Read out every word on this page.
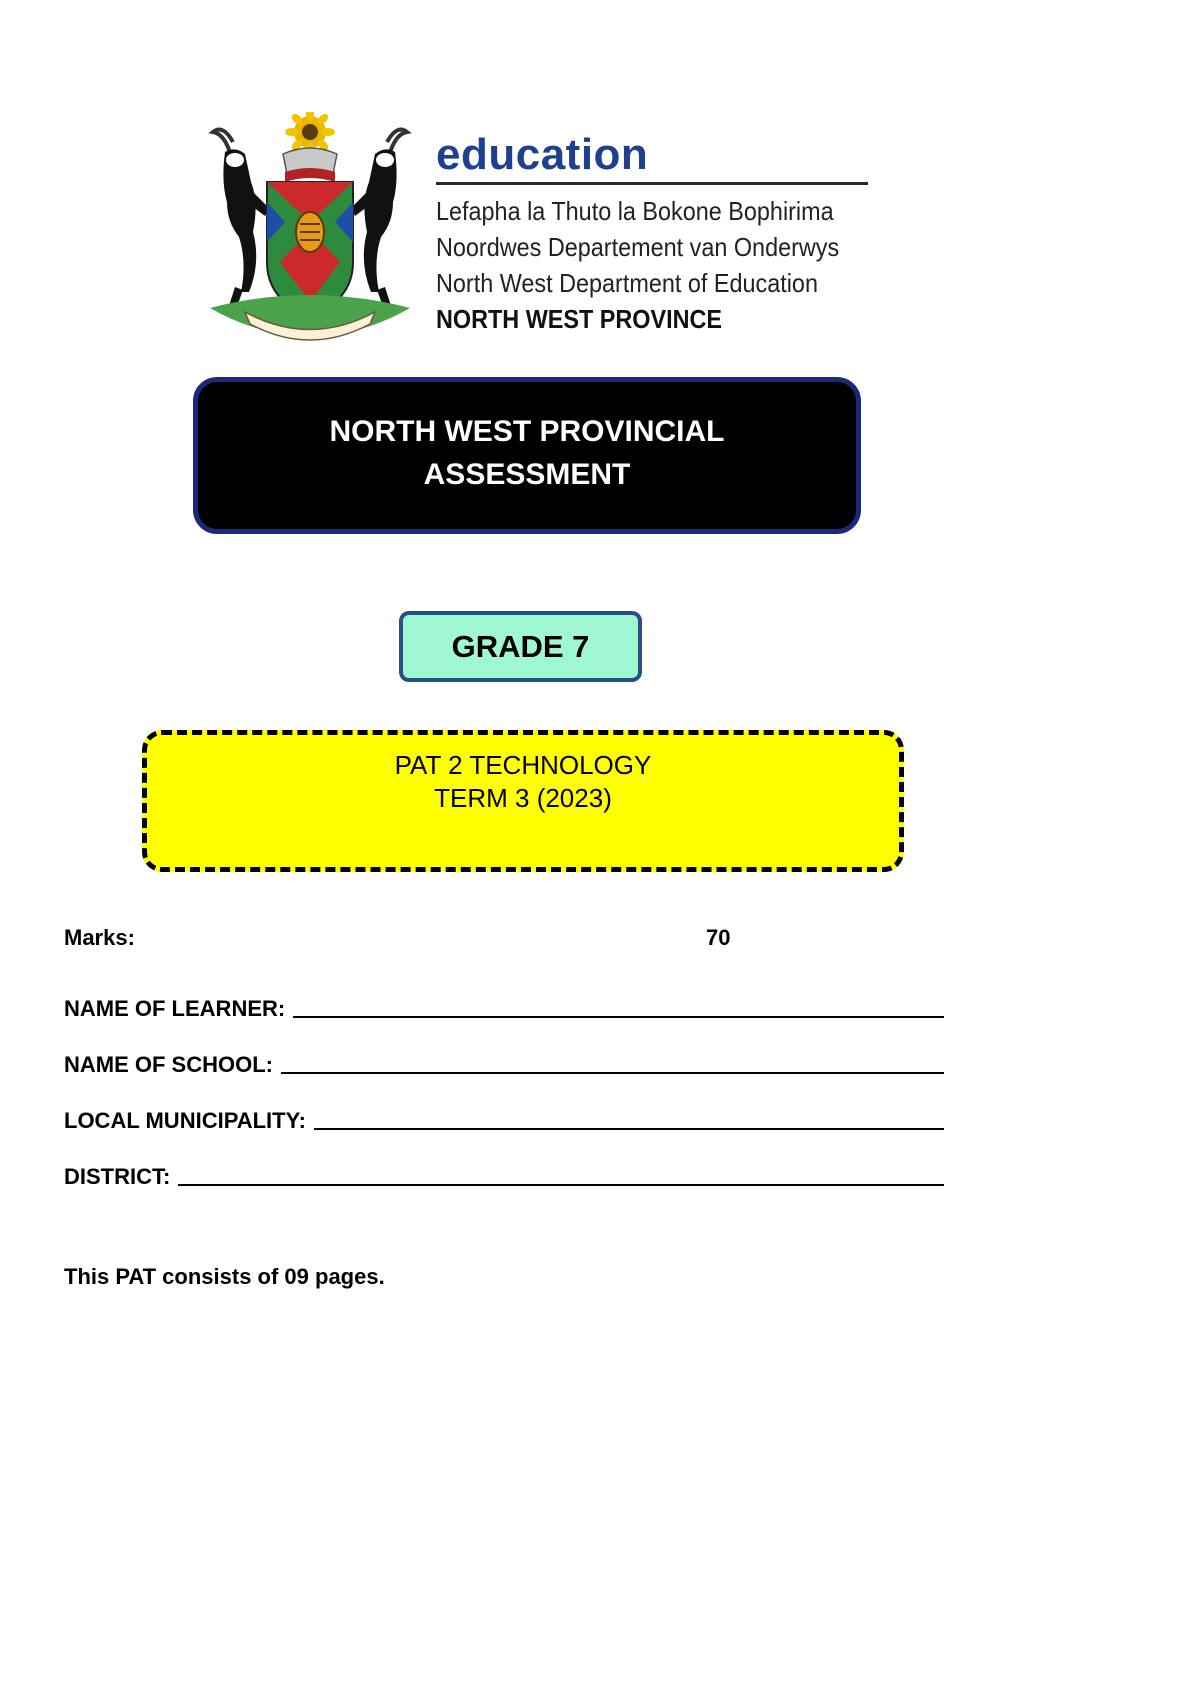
education

Lefapha la Thuto la Bokone Bophirima
Noordwes Departement van Onderwys
North West Department of Education
NORTH WEST PROVINCE
NORTH WEST PROVINCIAL
ASSESSMENT
GRADE 7
PAT 2 TECHNOLOGY
TERM 3 (2023)
Marks:	70
NAME OF LEARNER:
NAME OF SCHOOL:
LOCAL MUNICIPALITY:
DISTRICT:
This PAT consists of 09 pages.
